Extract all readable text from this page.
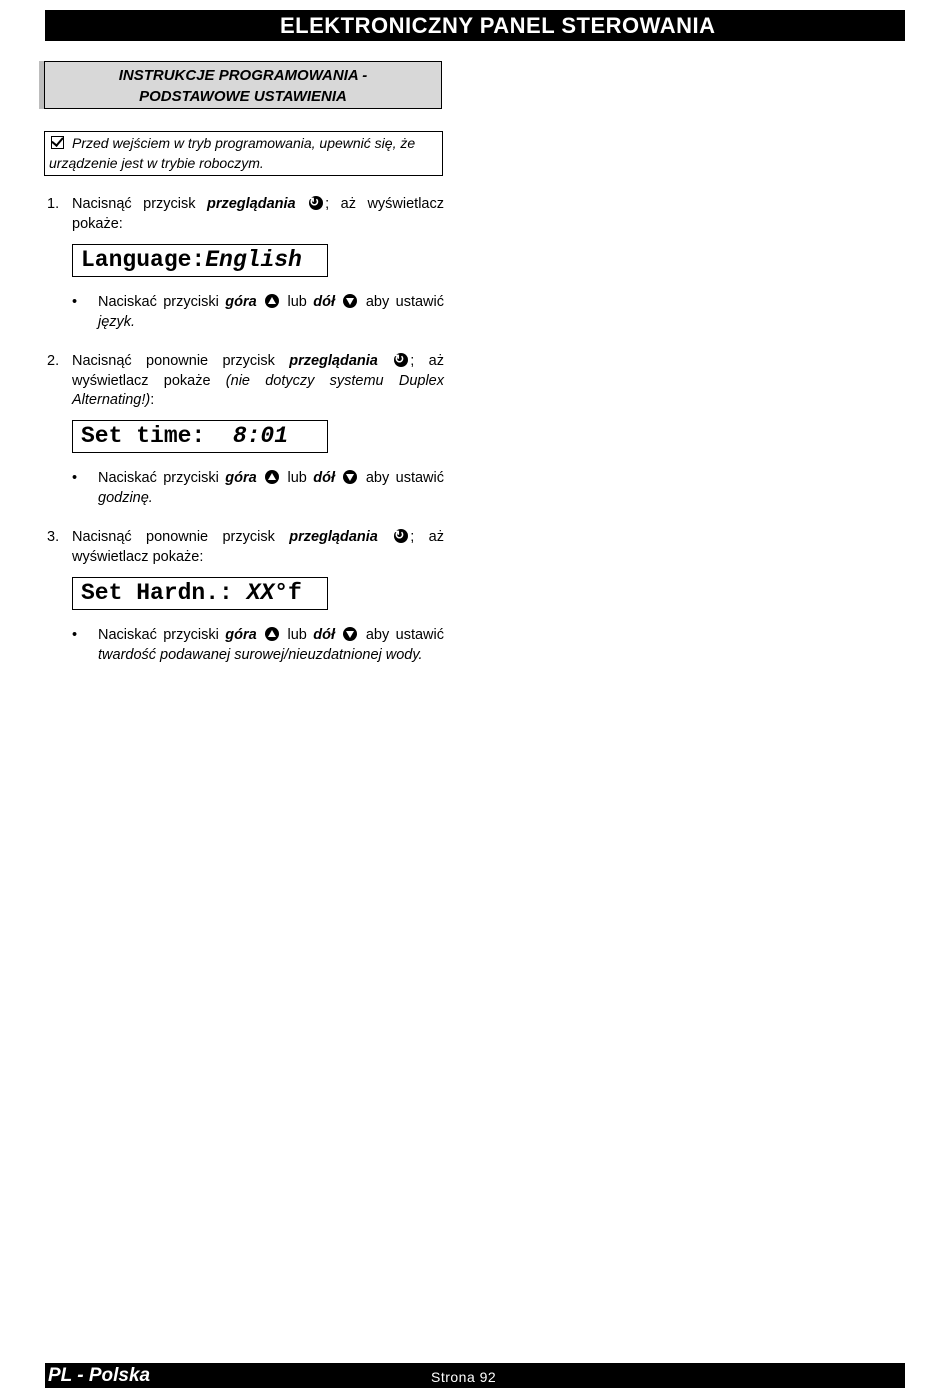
ELEKTRONICZNY PANEL STEROWANIA
INSTRUKCJE PROGRAMOWANIA -
PODSTAWOWE USTAWIENIA
Przed wejściem w tryb programowania, upewnić się, że urządzenie jest w trybie roboczym.
1. Nacisnąć przycisk przeglądania ↻ ; aż wyświetlacz pokaże:
Language:English
• Naciskać przyciski góra  lub dół  aby ustawić język.
2. Nacisnąć ponownie przycisk przeglądania ↻ ; aż wyświetlacz pokaże (nie dotyczy systemu Duplex Alternating!):
Set time:  8:01
• Naciskać przyciski góra  lub dół  aby ustawić godzinę.
3. Nacisnąć ponownie przycisk przeglądania ↻ ; aż wyświetlacz pokaże:
Set Hardn.: XX°f
• Naciskać przyciski góra  lub dół  aby ustawić twardość podawanej surowej/nieuzdatnionej wody.
PL - Polska	Strona 92
